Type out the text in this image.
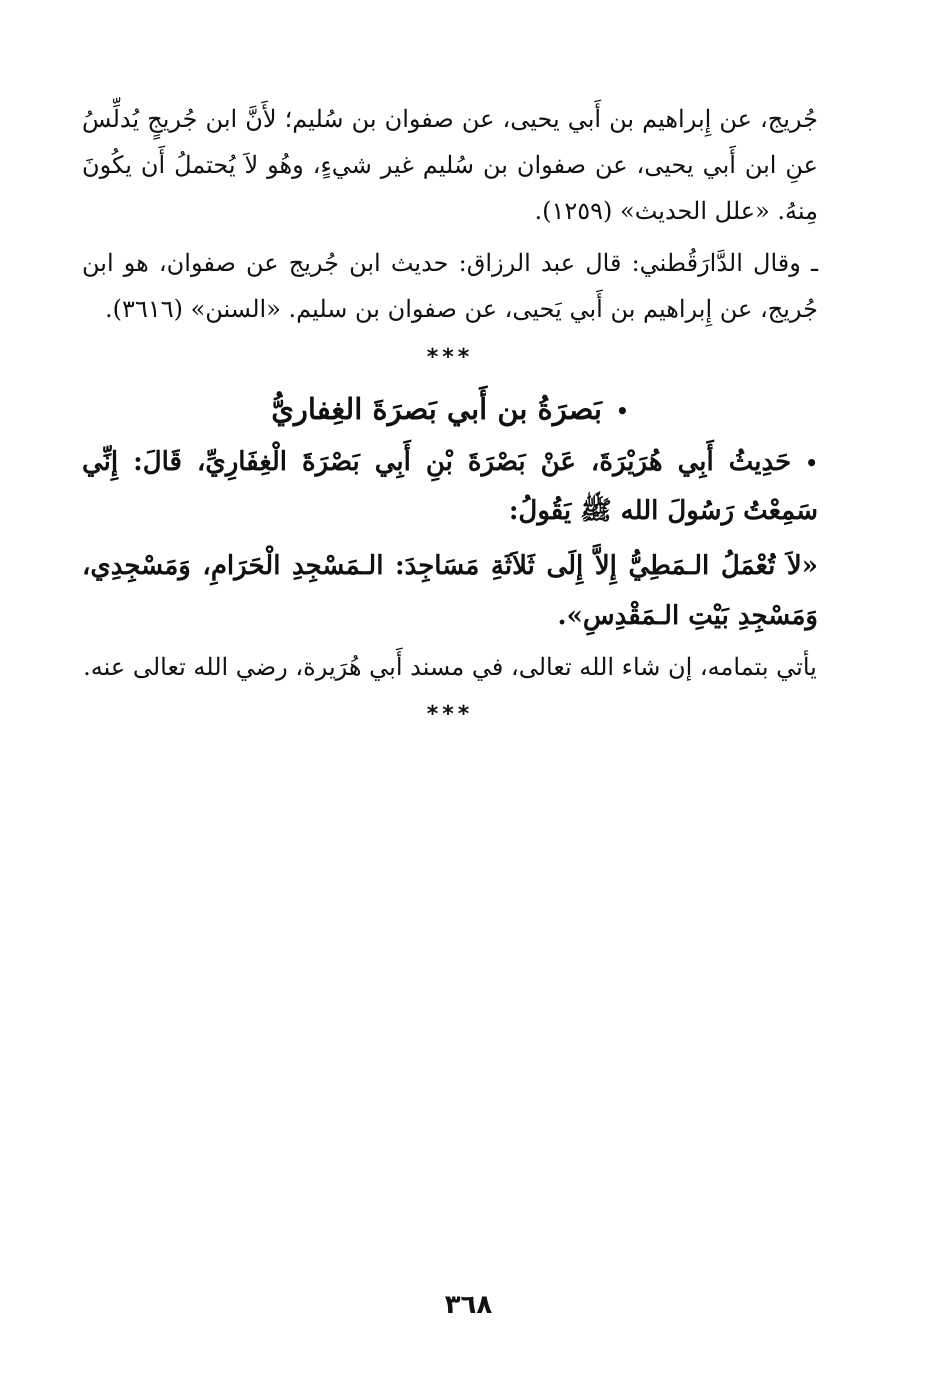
جُريج، عن إِبراهيم بن أَبي يحيى، عن صفوان بن سُليم؛ لأَنَّ ابن جُريجٍ يُدلِّسُ عنِ ابن أَبي يحيى، عن صفوان بن سُليم غير شيءٍ، وهُو لاَ يُحتملُ أَن يكُونَ مِنهُ. «علل الحديث» (١٢٥٩).

ـ وقال الدَّارَقُطني: قال عبد الرزاق: حديث ابن جُريج عن صفوان، هو ابن جُريج، عن إِبراهيم بن أَبي يَحيى، عن صفوان بن سليم. «السنن» (٣٦١٦).

***
•بَصرَةُ بن أَبي بَصرَةَ الغِفاريُّ

•حَدِيثُ أَبِي هُرَيْرَةَ، عَنْ بَصْرَةَ بْنِ أَبِي بَصْرَةَ الْغِفَارِيِّ، قَالَ: إِنِّي سَمِعْتُ رَسُولَ الله ﷺ يَقُولُ:

«لاَ تُعْمَلُ الـمَطِيُّ إِلاَّ إِلَى ثَلاَثَةِ مَسَاجِدَ: الـمَسْجِدِ الْحَرَامِ، وَمَسْجِدِي، وَمَسْجِدِ بَيْتِ الـمَقْدِسِ».

يأتي بتمامه، إن شاء الله تعالى، في مسند أَبي هُرَيرة، رضي الله تعالى عنه.

***
٣٦٨
